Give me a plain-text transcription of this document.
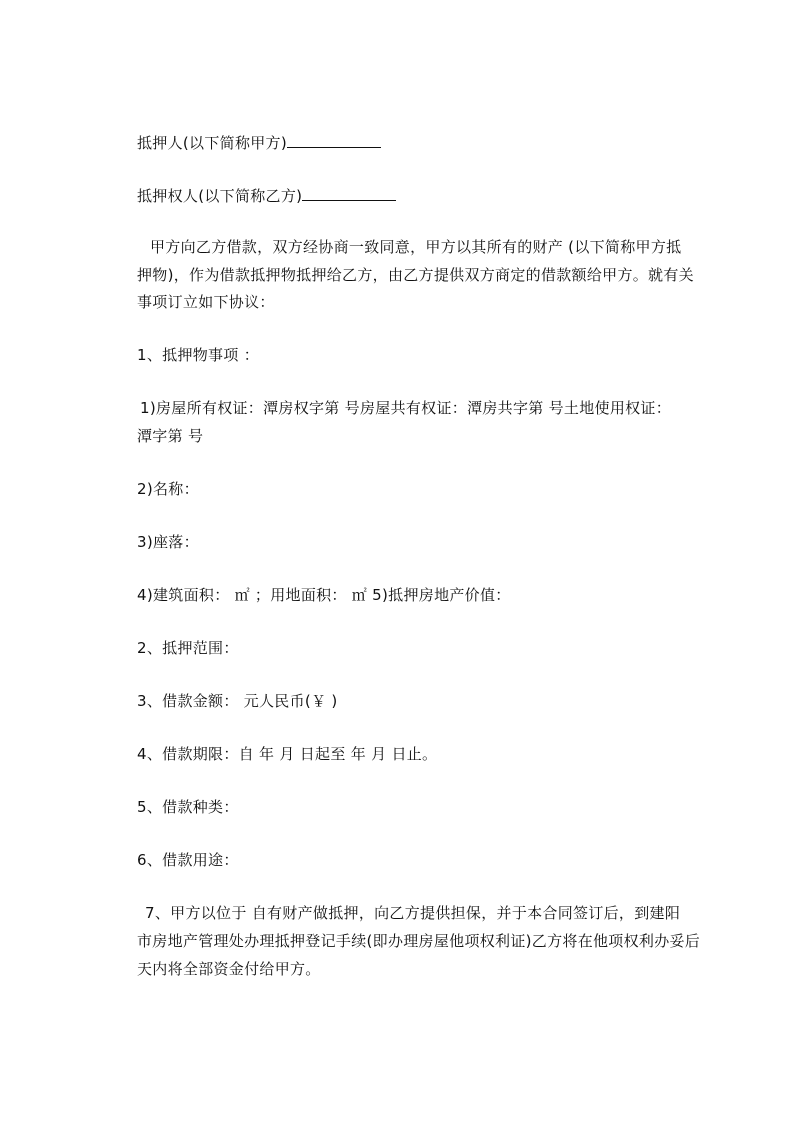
抵押人(以下简称甲方)
抵押权人(以下简称乙方)
甲方向乙方借款，双方经协商一致同意，甲方以其所有的财产 (以下简称甲方抵
押物)，作为借款抵押物抵押给乙方，由乙方提供双方商定的借款额给甲方。就有关
事项订立如下协议：
1、抵押物事项 ：
1)房屋所有权证：潭房权字第 号房屋共有权证：潭房共字第 号土地使用权证：
潭字第 号
2)名称：
3)座落：
4)建筑面积： ㎡ ；用地面积： ㎡ 5)抵押房地产价值：
2、抵押范围：
3、借款金额： 元人民币(￥ )
4、借款期限：自 年 月 日起至 年 月 日止。
5、借款种类：
6、借款用途：
7、甲方以位于 自有财产做抵押，向乙方提供担保，并于本合同签订后，到建阳
市房地产管理处办理抵押登记手续(即办理房屋他项权利证)乙方将在他项权利办妥后
天内将全部资金付给甲方。
